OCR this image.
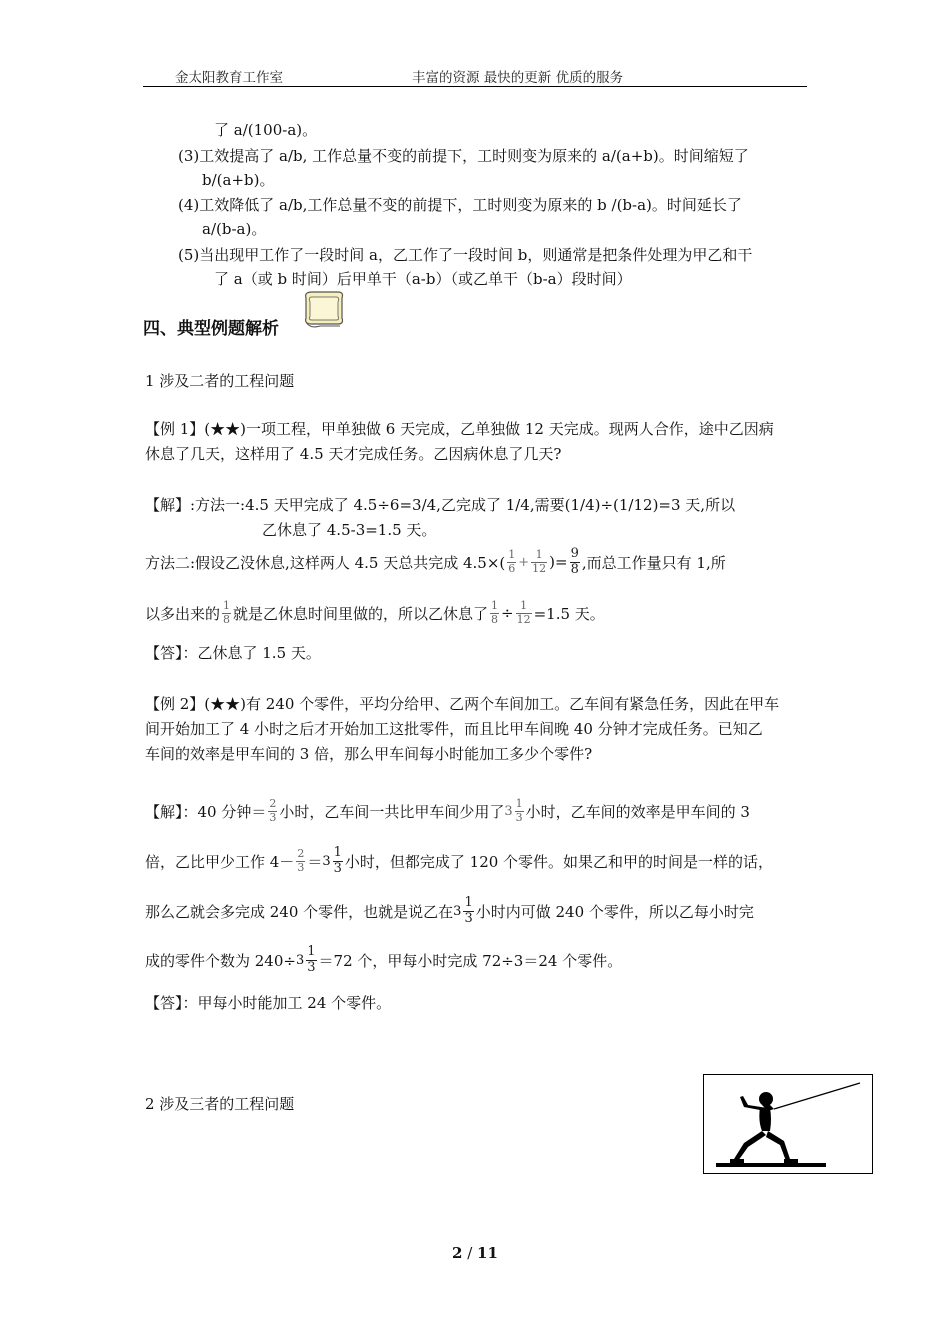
金太阳教育工作室	丰富的资源 最快的更新 优质的服务
了 a/(100-a)。
(3)工效提高了 a/b, 工作总量不变的前提下，工时则变为原来的 a/(a+b)。时间缩短了
b/(a+b)。
(4)工效降低了 a/b,工作总量不变的前提下，工时则变为原来的 b /(b-a)。时间延长了
a/(b-a)。
(5)当出现甲工作了一段时间 a，乙工作了一段时间 b，则通常是把条件处理为甲乙和干
了 a（或 b 时间）后甲单干（a-b）（或乙单干（b-a）段时间）
四、典型例题解析
1 涉及二者的工程问题
【例 1】(★★)一项工程，甲单独做 6 天完成，乙单独做 12 天完成。现两人合作，途中乙因病
休息了几天，这样用了 4.5 天才完成任务。乙因病休息了几天?
【解】:方法一:4.5 天甲完成了 4.5÷6=3/4,乙完成了 1/4,需要(1/4)÷(1/12)=3 天,所以
乙休息了 4.5-3=1.5 天。
方法二:假设乙没休息,这样两人 4.5 天总共完成 $4.5\times( \frac{1}{6} + \frac{1}{12}$ )= $\frac{9}{8}$ ,而总工作量只有 1,所
以多出来的 $\frac{1}{8}$ 就是乙休息时间里做的，所以乙休息了 $\frac{1}{8} \div \frac{1}{12} =1.5$ 天。
【答】：乙休息了 1.5 天。
【例 2】(★★)有 240 个零件，平均分给甲、乙两个车间加工。乙车间有紧急任务，因此在甲车
间开始加工了 4 小时之后才开始加工这批零件，而且比甲车间晚 40 分钟才完成任务。已知乙
车间的效率是甲车间的 3 倍，那么甲车间每小时能加工多少个零件?
【解】：40 分钟＝ $\frac{2}{3}$ 小时，乙车间一共比甲车间少用了 $3 \frac{1}{3}$ 小时，乙车间的效率是甲车间的 3
倍，乙比甲少工作 $4- \frac{2}{3} = 3 \frac{1}{3}$ 小时，但都完成了 120 个零件。如果乙和甲的时间是一样的话，
那么乙就会多完成 240 个零件，也就是说乙在 $3 \frac{1}{3}$ 小时内可做 240 个零件，所以乙每小时完
成的零件个数为 $240\div 3 \frac{1}{3} =72$ 个，甲每小时完成 72÷3＝24 个零件。
【答】：甲每小时能加工 24 个零件。
2 涉及三者的工程问题
2 / 11
